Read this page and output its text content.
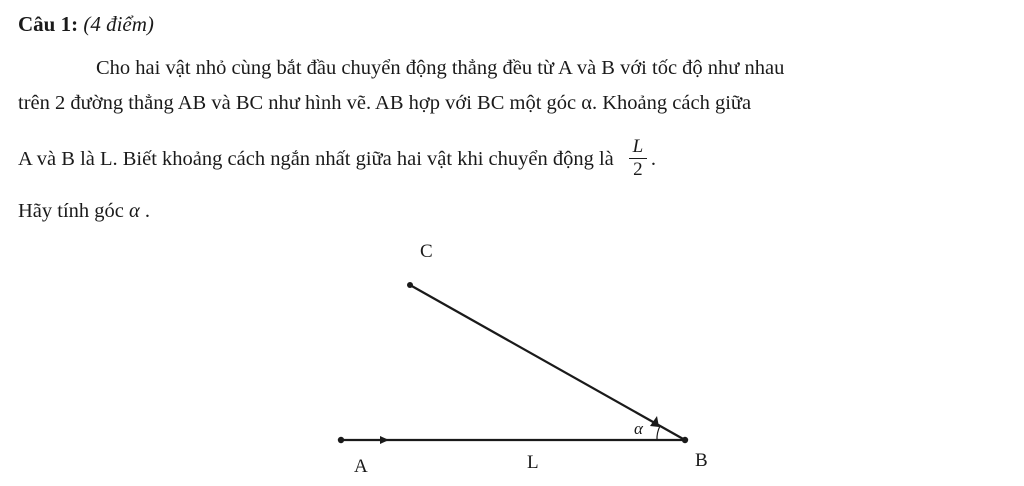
Câu 1: (4 điểm)
Cho hai vật nhỏ cùng bắt đầu chuyển động thẳng đều từ A và B với tốc độ như nhau
trên 2 đường thẳng AB và BC như hình vẽ. AB hợp với BC một góc α. Khoảng cách giữa
A và B là L. Biết khoảng cách ngắn nhất giữa hai vật khi chuyển động là $\frac{L}{2}$ .
Hãy tính góc α .
C
A	L	B
α
